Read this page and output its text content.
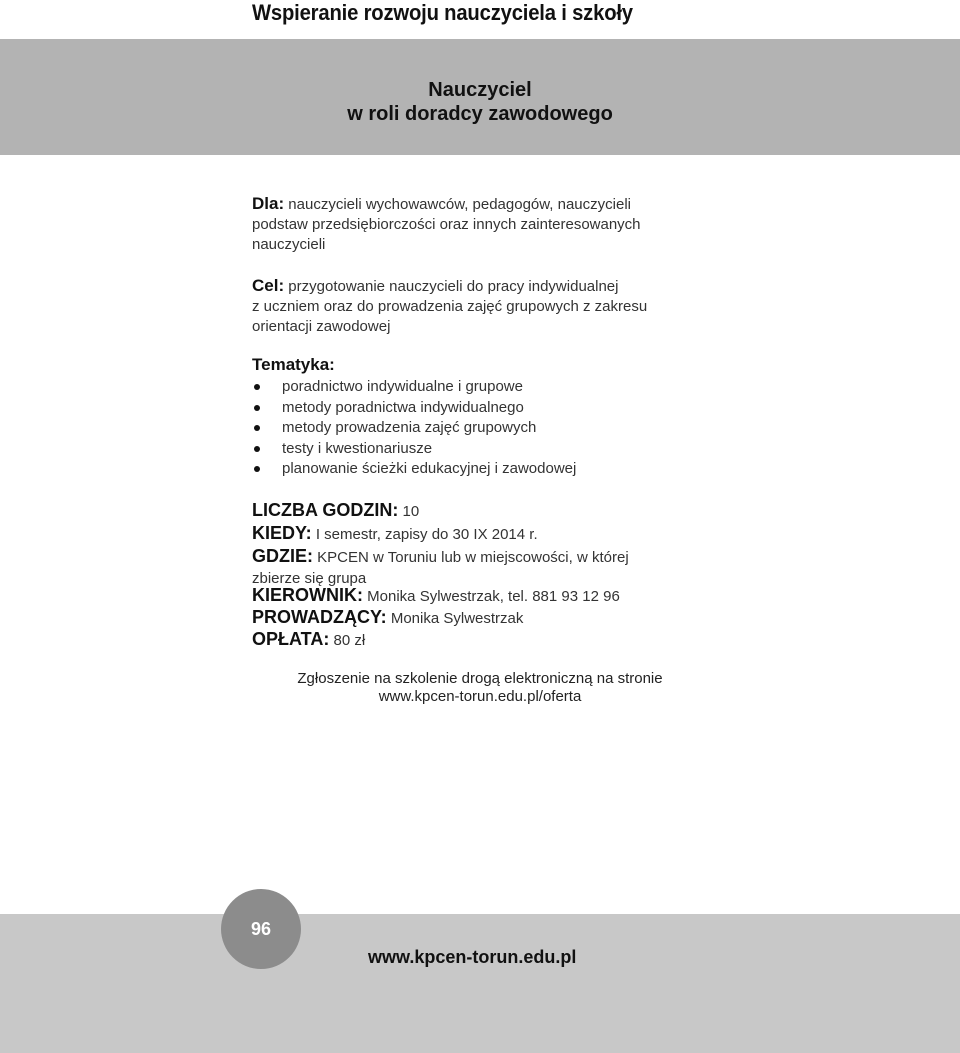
Wspieranie rozwoju nauczyciela i szkoły
Nauczyciel
w roli doradcy zawodowego
Dla: nauczycieli wychowawców, pedagogów, nauczycieli
podstaw przedsiębiorczości oraz innych zainteresowanych
nauczycieli
Cel: przygotowanie nauczycieli do pracy indywidualnej
z uczniem oraz do prowadzenia zajęć grupowych z zakresu
orientacji zawodowej
Tematyka:
poradnictwo indywidualne i grupowe
metody poradnictwa indywidualnego
metody prowadzenia zajęć grupowych
testy i kwestionariusze
planowanie ścieżki edukacyjnej i zawodowej
LICZBA GODZIN: 10
KIEDY: I semestr, zapisy do 30 IX 2014 r.
GDZIE: KPCEN w Toruniu lub w miejscowości, w której
zbierze się grupa
KIEROWNIK: Monika Sylwestrzak, tel. 881 93 12 96
PROWADZĄCY: Monika Sylwestrzak
OPŁATA: 80 zł
Zgłoszenie na szkolenie drogą elektroniczną na stronie
www.kpcen-torun.edu.pl/oferta
96
www.kpcen-torun.edu.pl
